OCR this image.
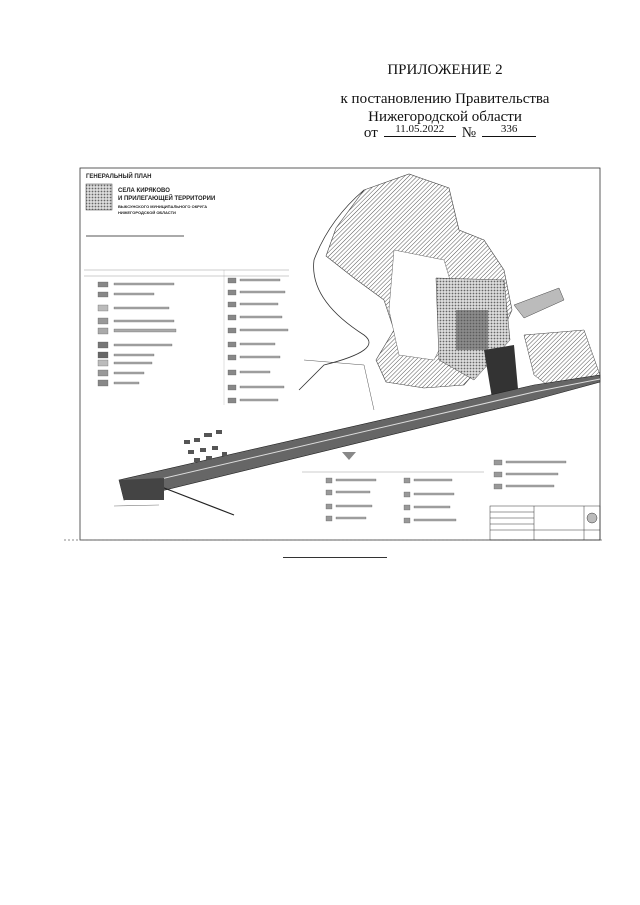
ПРИЛОЖЕНИЕ 2
к постановлению Правительства
Нижегородской области
от 11.05.2022 № 336
ГЕНЕРАЛЬНЫЙ ПЛАН
СЕЛА КИРЯКОВО
И ПРИЛЕГАЮЩЕЙ ТЕРРИТОРИИ
ВЫКСУНСКОГО МУНИЦИПАЛЬНОГО ОКРУГА
НИЖЕГОРОДСКОЙ ОБЛАСТИ
